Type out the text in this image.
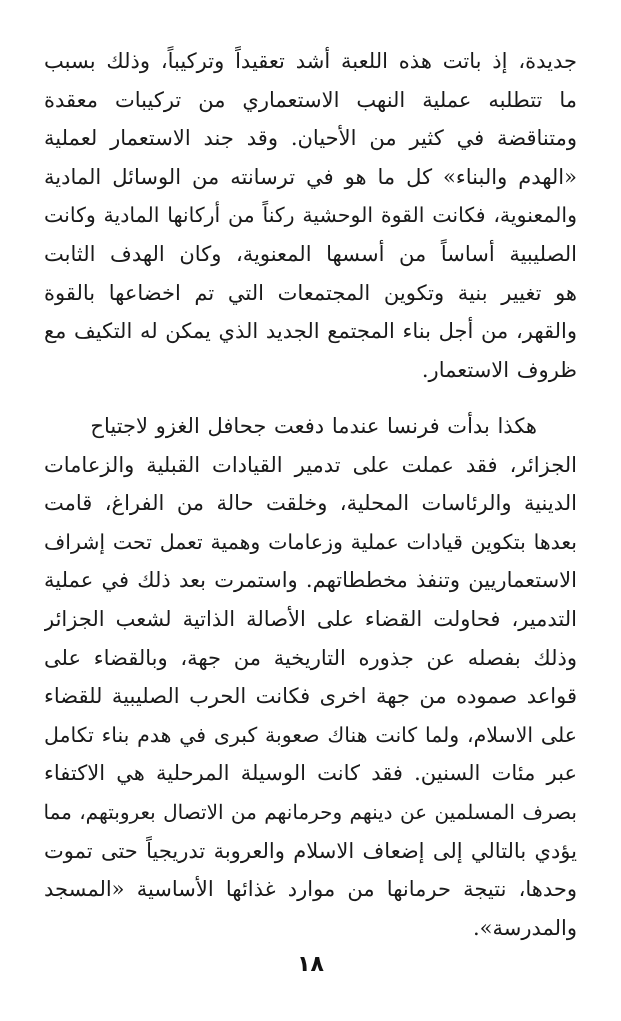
جديدة، إذ باتت هذه اللعبة أشد تعقيداً وتركيباً، وذلك بسبب
ما تتطلبه عملية النهب الاستعماري من تركيبات معقدة
ومتناقضة في كثير من الأحيان. وقد جند الاستعمار لعملية
«الهدم والبناء» كل ما هو في ترسانته من الوسائل المادية
والمعنوية، فكانت القوة الوحشية ركناً من أركانها المادية وكانت
الصليبية أساساً من أسسها المعنوية، وكان الهدف الثابت
هو تغيير بنية وتكوين المجتمعات التي تم اخضاعها بالقوة
والقهر، من أجل بناء المجتمع الجديد الذي يمكن له التكيف مع
ظروف الاستعمار.
هكذا بدأت فرنسا عندما دفعت جحافل الغزو لاجتياح
الجزائر، فقد عملت على تدمير القيادات القبلية والزعامات
الدينية والرئاسات المحلية، وخلقت حالة من الفراغ، قامت
بعدها بتكوين قيادات عملية وزعامات وهمية تعمل تحت إشراف
الاستعماريين وتنفذ مخططاتهم. واستمرت بعد ذلك في عملية
التدمير، فحاولت القضاء على الأصالة الذاتية لشعب الجزائر
وذلك بفصله عن جذوره التاريخية من جهة، وبالقضاء على
قواعد صموده من جهة اخرى فكانت الحرب الصليبية للقضاء
على الاسلام، ولما كانت هناك صعوبة كبرى في هدم بناء تكامل
عبر مئات السنين. فقد كانت الوسيلة المرحلية هي الاكتفاء
بصرف المسلمين عن دينهم وحرمانهم من الاتصال بعروبتهم، مما
يؤدي بالتالي إلى إضعاف الاسلام والعروبة تدريجياً حتى تموت
وحدها، نتيجة حرمانها من موارد غذائها الأساسية «المسجد
والمدرسة».
١٨
